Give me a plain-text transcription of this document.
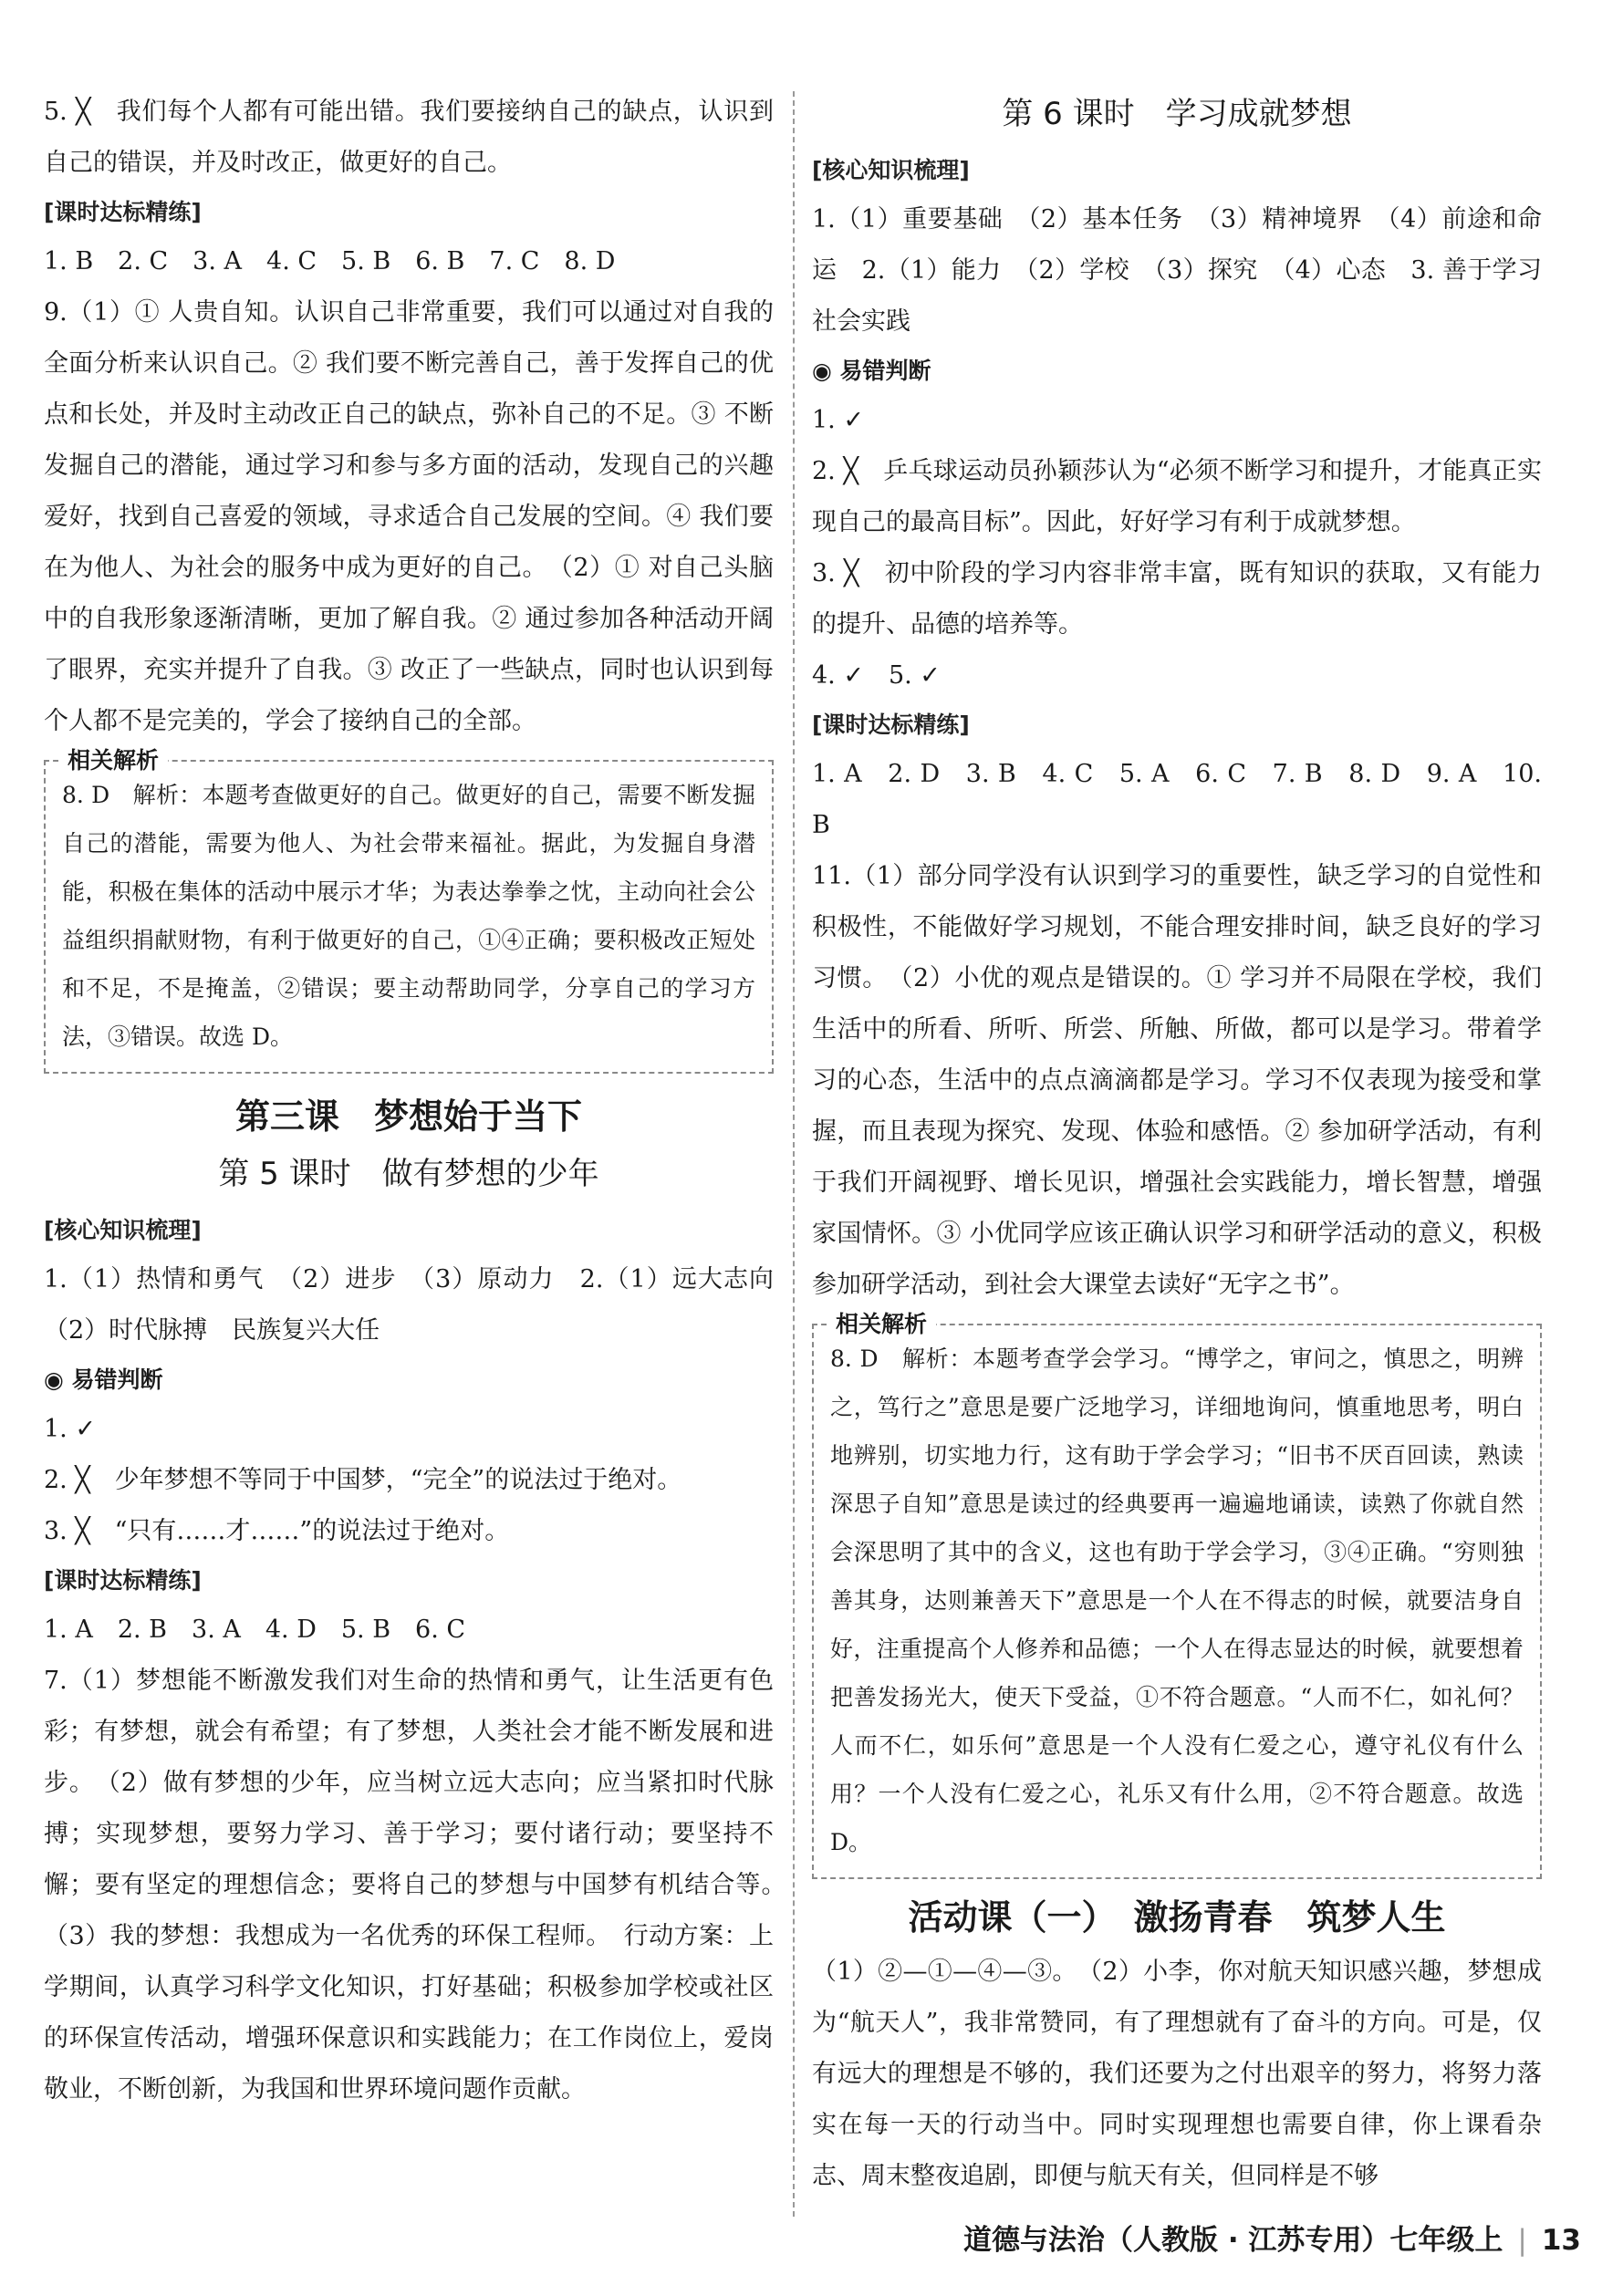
5. ╳　我们每个人都有可能出错。我们要接纳自己的缺点，认识到自己的错误，并及时改正，做更好的自己。

[课时达标精练]

1. B　2. C　3. A　4. C　5. B　6. B　7. C　8. D

9.（1）① 人贵自知。认识自己非常重要，我们可以通过对自我的全面分析来认识自己。② 我们要不断完善自己，善于发挥自己的优点和长处，并及时主动改正自己的缺点，弥补自己的不足。③ 不断发掘自己的潜能，通过学习和参与多方面的活动，发现自己的兴趣爱好，找到自己喜爱的领域，寻求适合自己发展的空间。④ 我们要在为他人、为社会的服务中成为更好的自己。　（2）① 对自己头脑中的自我形象逐渐清晰，更加了解自我。② 通过参加各种活动开阔了眼界，充实并提升了自我。③ 改正了一些缺点，同时也认识到每个人都不是完美的，学会了接纳自己的全部。

相关解析

8. D　解析：本题考查做更好的自己。做更好的自己，需要不断发掘自己的潜能，需要为他人、为社会带来福祉。据此，为发掘自身潜能，积极在集体的活动中展示才华；为表达拳拳之忱，主动向社会公益组织捐献财物，有利于做更好的自己，①④正确；要积极改正短处和不足，不是掩盖，②错误；要主动帮助同学，分享自己的学习方法，③错误。故选 D。

第三课　梦想始于当下
第 5 课时　做有梦想的少年

[核心知识梳理]

1.（1）热情和勇气　（2）进步　（3）原动力　2.（1）远大志向　（2）时代脉搏　民族复兴大任

◉ 易错判断

1. ✓

2. ╳　少年梦想不等同于中国梦，“完全”的说法过于绝对。

3. ╳　“只有……才……”的说法过于绝对。

[课时达标精练]

1. A　2. B　3. A　4. D　5. B　6. C

7.（1）梦想能不断激发我们对生命的热情和勇气，让生活更有色彩；有梦想，就会有希望；有了梦想，人类社会才能不断发展和进步。　（2）做有梦想的少年，应当树立远大志向；应当紧扣时代脉搏；实现梦想，要努力学习、善于学习；要付诸行动；要坚持不懈；要有坚定的理想信念；要将自己的梦想与中国梦有机结合等。　（3）我的梦想：我想成为一名优秀的环保工程师。　行动方案：上学期间，认真学习科学文化知识，打好基础；积极参加学校或社区的环保宣传活动，增强环保意识和实践能力；在工作岗位上，爱岗敬业，不断创新，为我国和世界环境问题作贡献。

第 6 课时　学习成就梦想

[核心知识梳理]

1.（1）重要基础　（2）基本任务　（3）精神境界　（4）前途和命运　2.（1）能力　（2）学校　（3）探究　（4）心态　3. 善于学习　社会实践

◉ 易错判断

1. ✓

2. ╳　乒乓球运动员孙颖莎认为“必须不断学习和提升，才能真正实现自己的最高目标”。因此，好好学习有利于成就梦想。

3. ╳　初中阶段的学习内容非常丰富，既有知识的获取，又有能力的提升、品德的培养等。

4. ✓　5. ✓

[课时达标精练]

1. A　2. D　3. B　4. C　5. A　6. C　7. B　8. D　9. A　10. B

11.（1）部分同学没有认识到学习的重要性，缺乏学习的自觉性和积极性，不能做好学习规划，不能合理安排时间，缺乏良好的学习习惯。　（2）小优的观点是错误的。① 学习并不局限在学校，我们生活中的所看、所听、所尝、所触、所做，都可以是学习。带着学习的心态，生活中的点点滴滴都是学习。学习不仅表现为接受和掌握，而且表现为探究、发现、体验和感悟。② 参加研学活动，有利于我们开阔视野、增长见识，增强社会实践能力，增长智慧，增强家国情怀。③ 小优同学应该正确认识学习和研学活动的意义，积极参加研学活动，到社会大课堂去读好“无字之书”。

相关解析

8. D　解析：本题考查学会学习。“博学之，审问之，慎思之，明辨之，笃行之”意思是要广泛地学习，详细地询问，慎重地思考，明白地辨别，切实地力行，这有助于学会学习；“旧书不厌百回读，熟读深思子自知”意思是读过的经典要再一遍遍地诵读，读熟了你就自然会深思明了其中的含义，这也有助于学会学习，③④正确。“穷则独善其身，达则兼善天下”意思是一个人在不得志的时候，就要洁身自好，注重提高个人修养和品德；一个人在得志显达的时候，就要想着把善发扬光大，使天下受益，①不符合题意。“人而不仁，如礼何？人而不仁，如乐何”意思是一个人没有仁爱之心，遵守礼仪有什么用？一个人没有仁爱之心，礼乐又有什么用，②不符合题意。故选 D。

活动课（一）　激扬青春　筑梦人生

（1）②—①—④—③。　（2）小李，你对航天知识感兴趣，梦想成为“航天人”，我非常赞同，有了理想就有了奋斗的方向。可是，仅有远大的理想是不够的，我们还要为之付出艰辛的努力，将努力落实在每一天的行动当中。同时实现理想也需要自律，你上课看杂志、周末整夜追剧，即便与航天有关，但同样是不够

道德与法治（人教版 · 江苏专用）七年级上 | 13
